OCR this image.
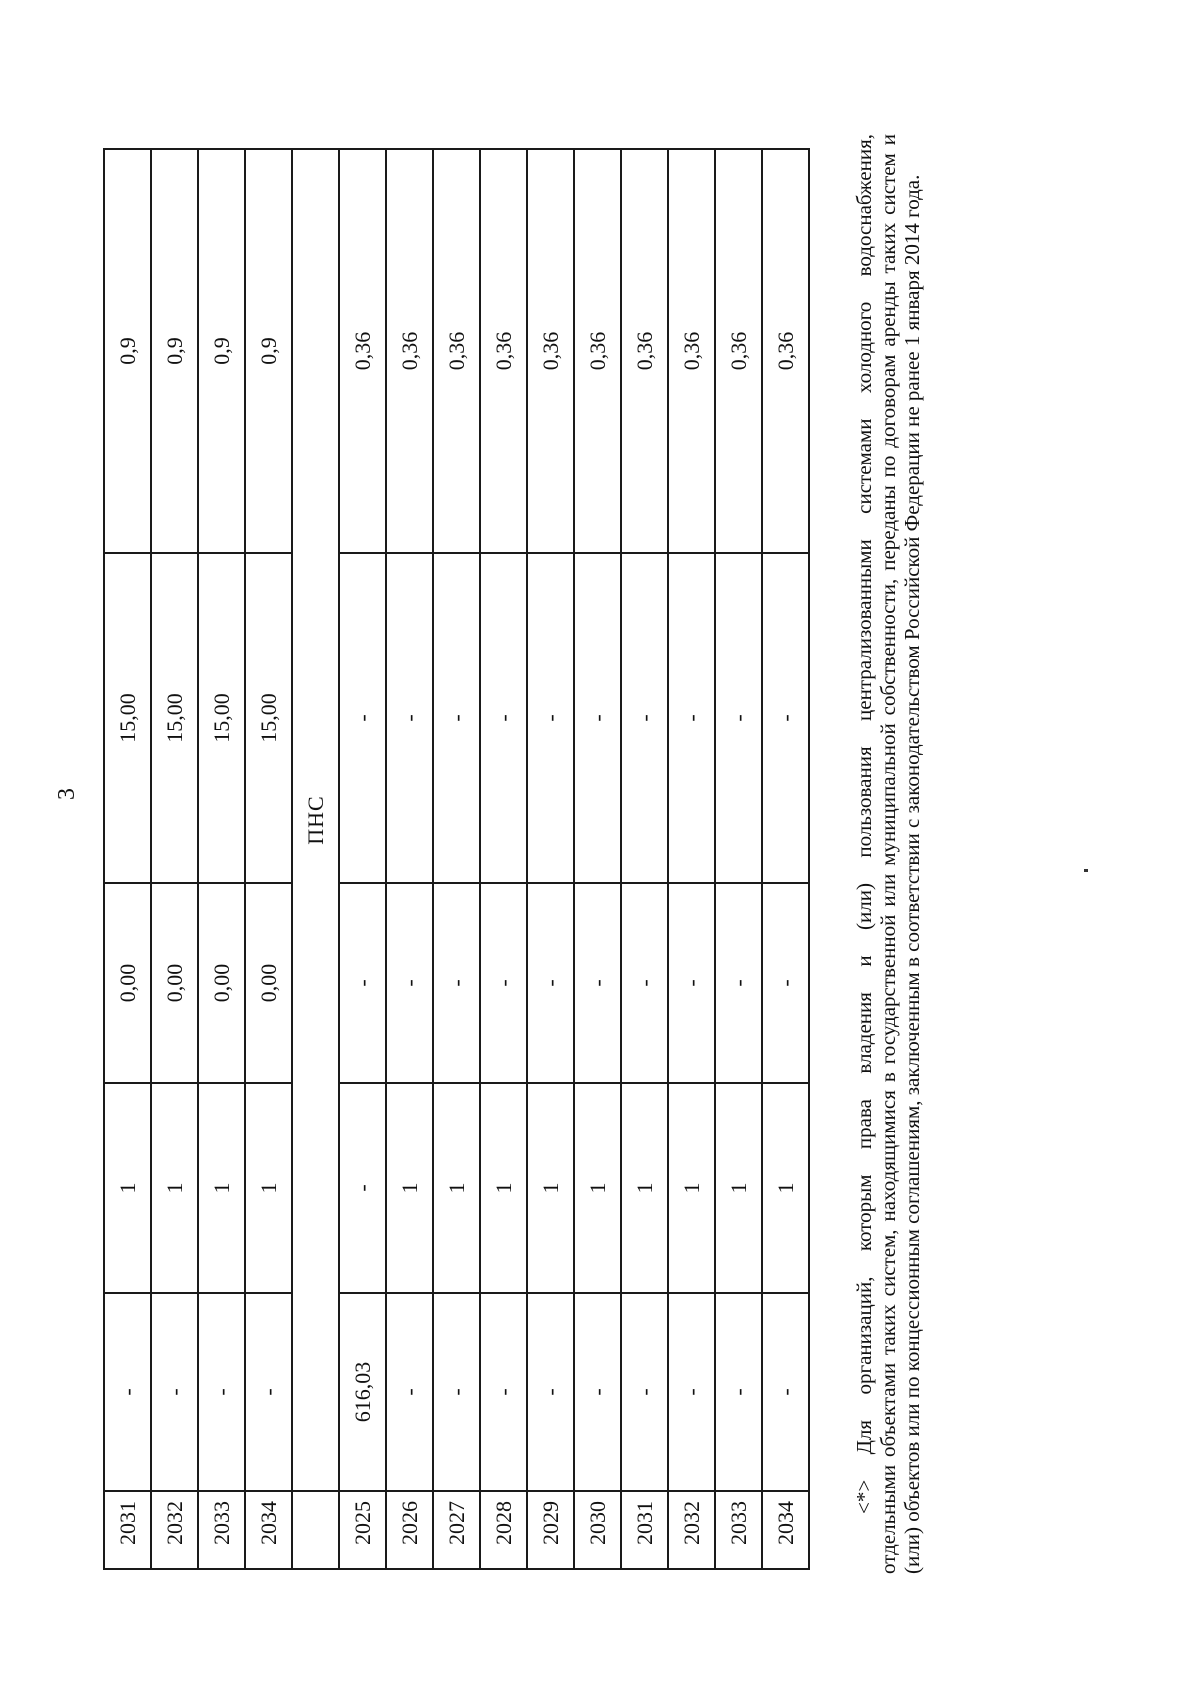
3
2031	-	1	0,00	15,00	0,9
2032	-	1	0,00	15,00	0,9
2033	-	1	0,00	15,00	0,9
2034	-	1	0,00	15,00	0,9
	ПНС				
2025	616,03	-	-	-	0,36
2026	-	1	-	-	0,36
2027	-	1	-	-	0,36
2028	-	1	-	-	0,36
2029	-	1	-	-	0,36
2030	-	1	-	-	0,36
2031	-	1	-	-	0,36
2032	-	1	-	-	0,36
2033	-	1	-	-	0,36
2034	-	1	-	-	0,36	<*> Для организаций, которым права владения и (или) пользования централизованными системами холодного водоснабжения, отдельными объектами таких систем, находящимися в государственной или муниципальной собственности, переданы по договорам аренды таких систем и (или) объектов или по концессионным соглашениям, заключенным в соответствии с законодательством Российской Федерации не ранее 1 января 2014 года.
